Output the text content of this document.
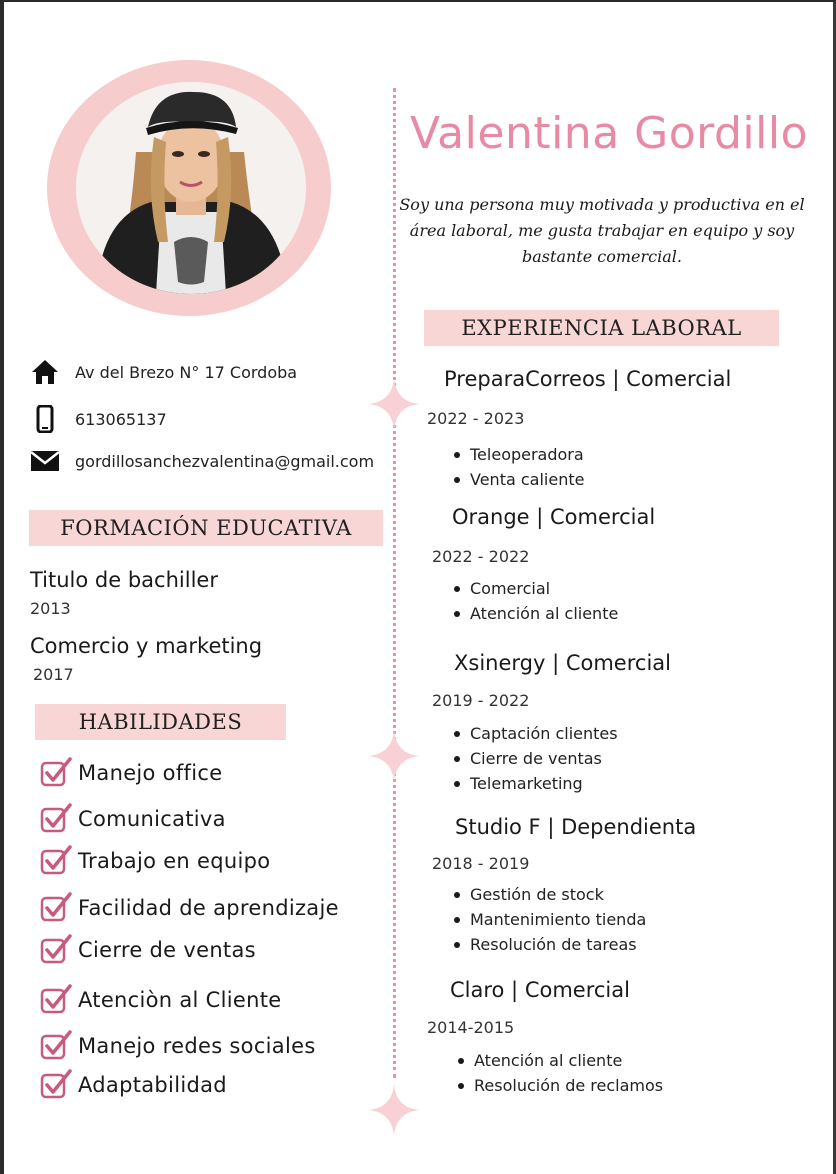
Valentina Gordillo
Soy una persona muy motivada y productiva en el área laboral, me gusta trabajar en equipo y soy bastante comercial.
Av del Brezo N° 17 Cordoba
613065137
gordillosanchezvalentina@gmail.com
FORMACIÓN EDUCATIVA
Titulo de bachiller
2013
Comercio y marketing
2017
HABILIDADES
Manejo office
Comunicativa
Trabajo en equipo
Facilidad de aprendizaje
Cierre de ventas
Atenciòn al Cliente
Manejo redes sociales
Adaptabilidad
EXPERIENCIA LABORAL
PreparaCorreos | Comercial
2022 - 2023
Teleoperadora
Venta caliente
Orange | Comercial
2022 - 2022
Comercial
Atención al cliente
Xsinergy | Comercial
2019 - 2022
Captación clientes
Cierre de ventas
Telemarketing
Studio F | Dependienta
2018 - 2019
Gestión de stock
Mantenimiento tienda
Resolución de tareas
Claro | Comercial
2014-2015
Atención al cliente
Resolución de reclamos
